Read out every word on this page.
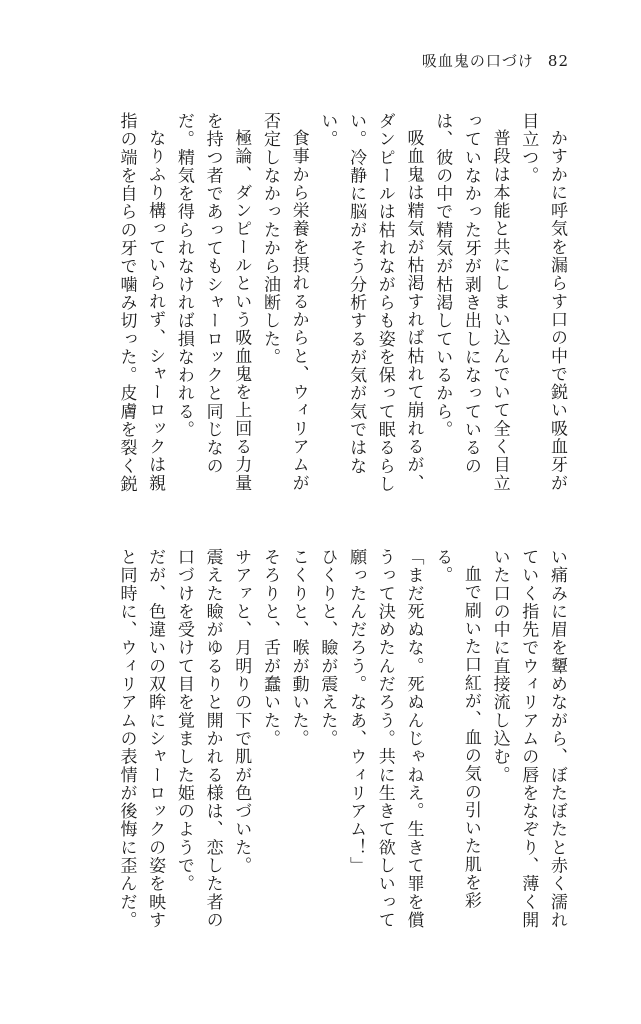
吸血鬼の口づけ 82

かすかに呼気を漏らす口の中で鋭い吸血牙が目立つ。

普段は本能と共にしまい込んでいて全く目立っていなかった牙が剥き出しになっているのは、彼の中で精気が枯渇しているから。

吸血鬼は精気が枯渇すれば枯れて崩れるが、ダンピールは枯れながらも姿を保って眠るらしい。冷静に脳がそう分析するが気が気ではない。

食事から栄養を摂れるからと、ウィリアムが否定しなかったから油断した。

極論、ダンピールという吸血鬼を上回る力量を持つ者であってもシャーロックと同じなのだ。精気を得られなければ損なわれる。

なりふり構っていられず、シャーロックは親指の端を自らの牙で噛み切った。皮膚を裂く鋭

い痛みに眉を顰めながら、ぼたぼたと赤く濡れていく指先でウィリアムの唇をなぞり、薄く開いた口の中に直接流し込む。

血で刷いた口紅が、血の気の引いた肌を彩る。

「まだ死ぬな。死ぬんじゃねえ。生きて罪を償うって決めたんだろう。共に生きて欲しいって願ったんだろう。なあ、ウィリアム！」

ひくりと、瞼が震えた。

こくりと、喉が動いた。

そろりと、舌が蠢いた。

サアァと、月明りの下で肌が色づいた。

震えた瞼がゆるりと開かれる様は、恋した者の口づけを受けて目を覚ました姫のようで。

だが、色違いの双眸にシャーロックの姿を映すと同時に、ウィリアムの表情が後悔に歪んだ。
